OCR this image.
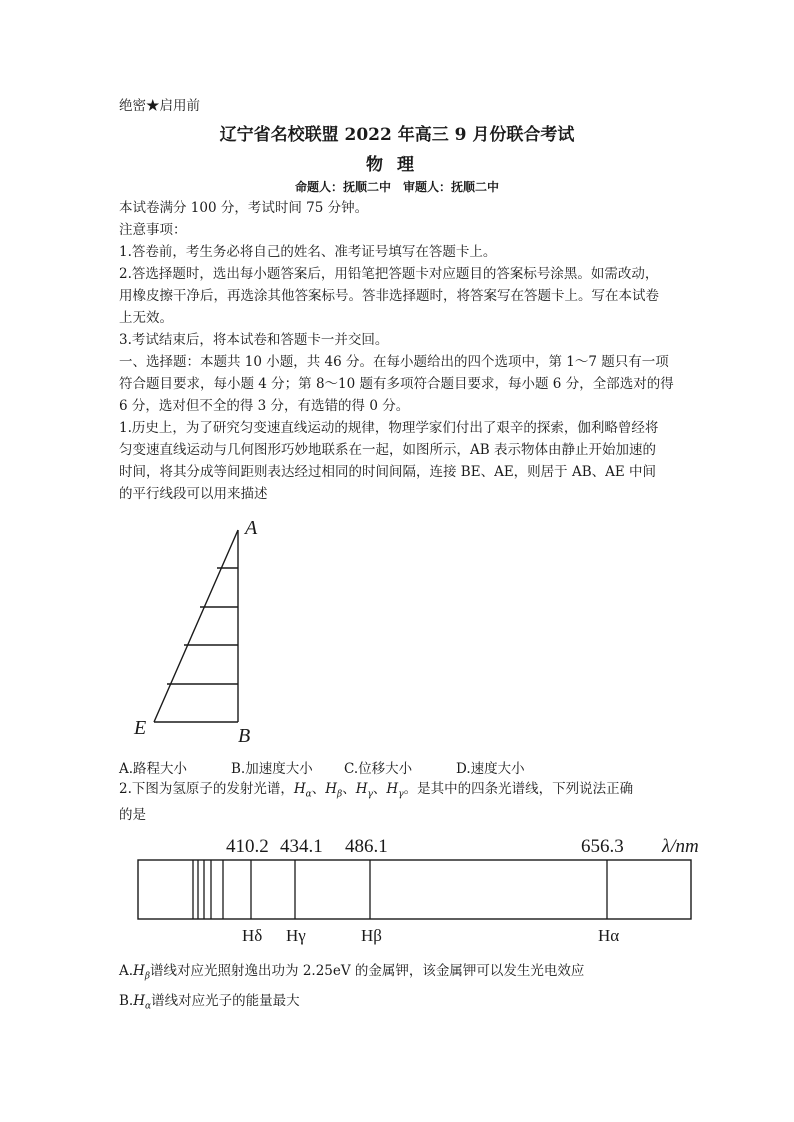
绝密★启用前
辽宁省名校联盟 2022 年高三 9 月份联合考试
物理
命题人：抚顺二中　审题人：抚顺二中
本试卷满分 100 分，考试时间 75 分钟。
注意事项：
1.答卷前，考生务必将自己的姓名、准考证号填写在答题卡上。
2.答选择题时，选出每小题答案后，用铅笔把答题卡对应题目的答案标号涂黑。如需改动，
用橡皮擦干净后，再选涂其他答案标号。答非选择题时，将答案写在答题卡上。写在本试卷
上无效。
3.考试结束后，将本试卷和答题卡一并交回。
一、选择题：本题共 10 小题，共 46 分。在每小题给出的四个选项中，第 1～7 题只有一项
符合题目要求，每小题 4 分；第 8～10 题有多项符合题目要求，每小题 6 分，全部选对的得
6 分，选对但不全的得 3 分，有选错的得 0 分。
1.历史上，为了研究匀变速直线运动的规律，物理学家们付出了艰辛的探索，伽利略曾经将
匀变速直线运动与几何图形巧妙地联系在一起，如图所示，AB 表示物体由静止开始加速的
时间，将其分成等间距则表达经过相同的时间间隔，连接 BE、AE，则居于 AB、AE 中间
的平行线段可以用来描述
A
B
E
A.路程大小	B.加速度大小 C.位移大小	D.速度大小
2.下图为氢原子的发射光谱，$H_\alpha$、$H_\beta$、$H_\gamma$、$H_\gamma$。是其中的四条光谱线，下列说法正确
的是
410.2 434.1 486.1	656.3 λ/nm
Hδ Hγ	Hβ	Hα
$A.H_\beta$谱线对应光照射逸出功为 2.25eV 的金属钾，该金属钾可以发生光电效应
$B.H_\alpha$谱线对应光子的能量最大
